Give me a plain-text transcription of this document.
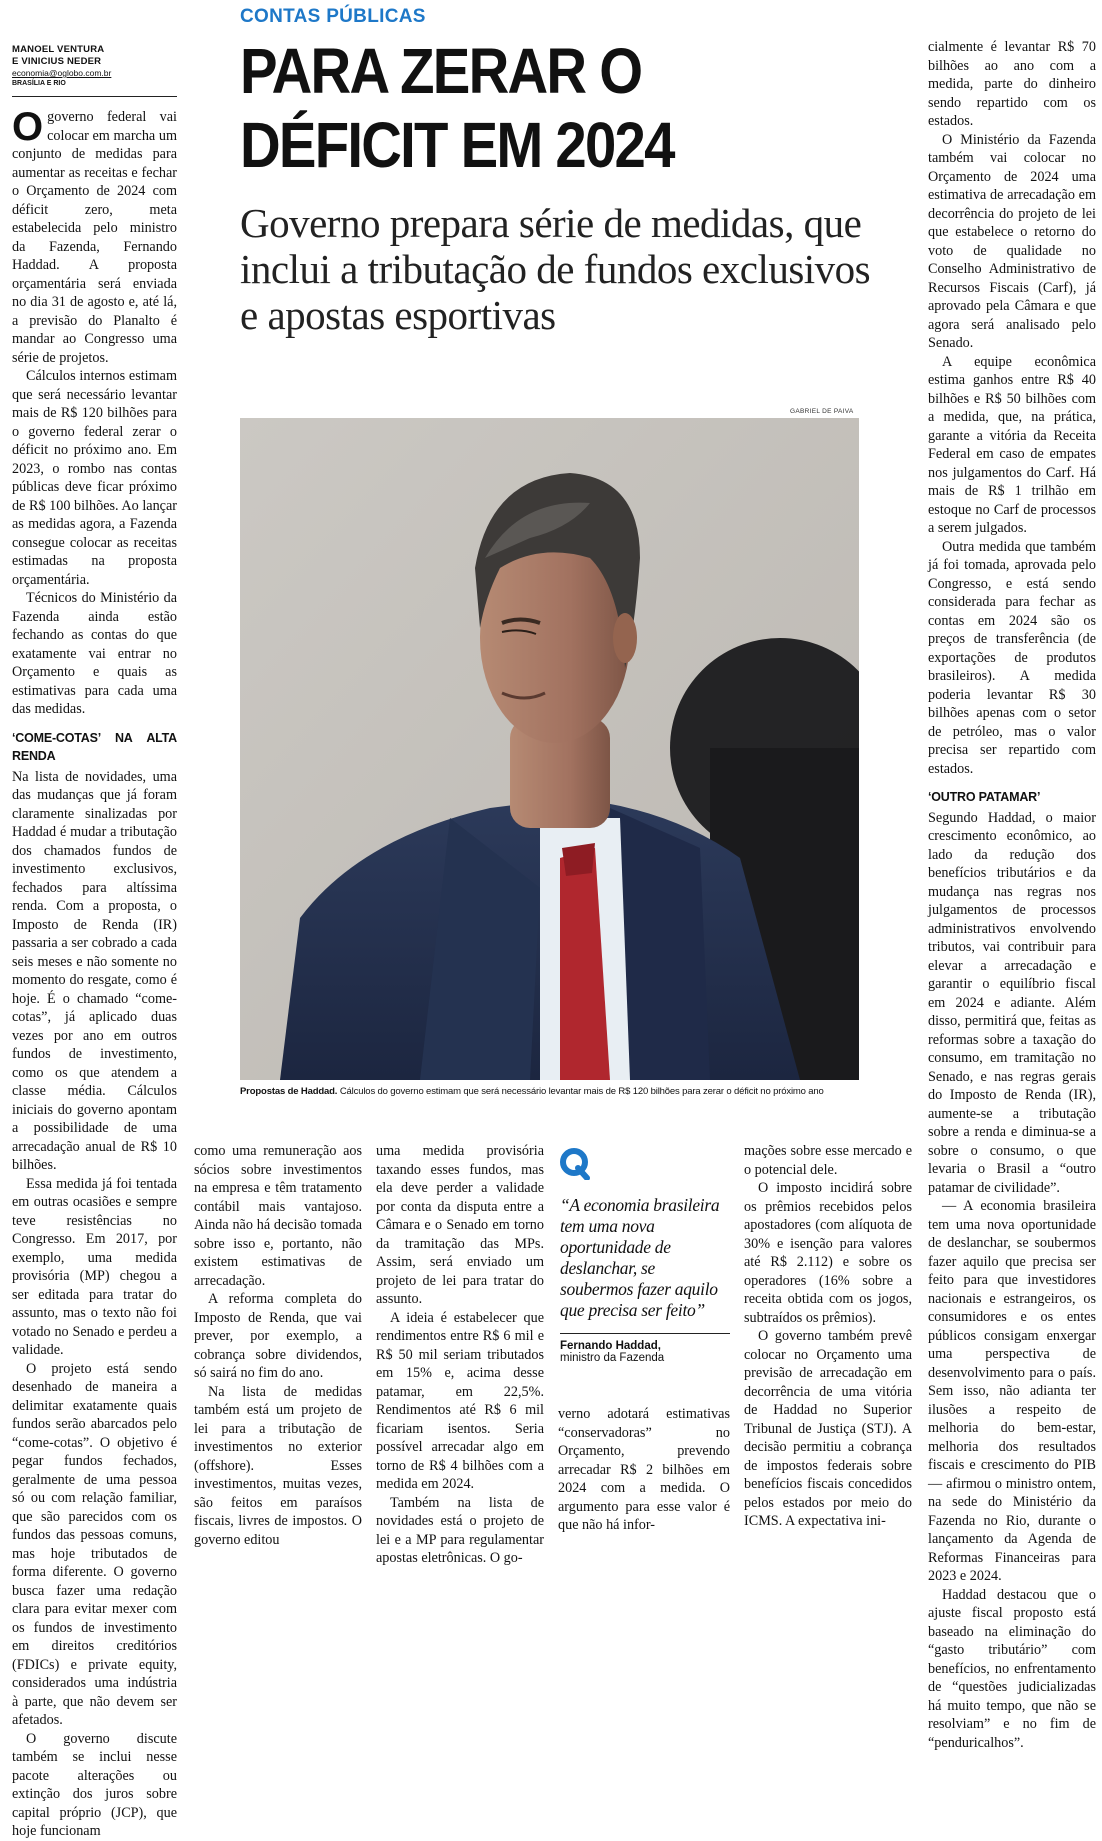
MANOEL VENTURA
E VINICIUS NEDER
economia@oglobo.com.br
BRASÍLIA E RIO
CONTAS PÚBLICAS
PARA ZERAR O
DÉFICIT EM 2024
Governo prepara série de medidas, que inclui a tributação de fundos exclusivos e apostas esportivas
GABRIEL DE PAIVA
Propostas de Haddad. Cálculos do governo estimam que será necessário levantar mais de R$ 120 bilhões para zerar o déficit no próximo ano

Ogoverno federal vai colocar em marcha um conjunto de medidas para aumentar as receitas e fechar o Orçamento de 2024 com déficit zero, meta estabelecida pelo ministro da Fazenda, Fernando Haddad. A proposta orçamentária será enviada no dia 31 de agosto e, até lá, a previsão do Planalto é mandar ao Congresso uma série de projetos.

Cálculos internos estimam que será necessário levantar mais de R$ 120 bilhões para o governo federal zerar o déficit no próximo ano. Em 2023, o rombo nas contas públicas deve ficar próximo de R$ 100 bilhões. Ao lançar as medidas agora, a Fazenda consegue colocar as receitas estimadas na proposta orçamentária.

Técnicos do Ministério da Fazenda ainda estão fechando as contas do que exatamente vai entrar no Orçamento e quais as estimativas para cada uma das medidas.

‘COME-COTAS’ NA ALTA RENDA

Na lista de novidades, uma das mudanças que já foram claramente sinalizadas por Haddad é mudar a tributação dos chamados fundos de investimento exclusivos, fechados para altíssima renda. Com a proposta, o Imposto de Renda (IR) passaria a ser cobrado a cada seis meses e não somente no momento do resgate, como é hoje. É o chamado “come-cotas”, já aplicado duas vezes por ano em outros fundos de investimento, como os que atendem a classe média. Cálculos iniciais do governo apontam a possibilidade de uma arrecadação anual de R$ 10 bilhões.

Essa medida já foi tentada em outras ocasiões e sempre teve resistências no Congresso. Em 2017, por exemplo, uma medida provisória (MP) chegou a ser editada para tratar do assunto, mas o texto não foi votado no Senado e perdeu a validade.

O projeto está sendo desenhado de maneira a delimitar exatamente quais fundos serão abarcados pelo “come-cotas”. O objetivo é pegar fundos fechados, geralmente de uma pessoa só ou com relação familiar, que são parecidos com os fundos das pessoas comuns, mas hoje tributados de forma diferente. O governo busca fazer uma redação clara para evitar mexer com os fundos de investimento em direitos creditórios (FDICs) e private equity, considerados uma indústria à parte, que não devem ser afetados.

O governo discute também se inclui nesse pacote alterações ou extinção dos juros sobre capital próprio (JCP), que hoje funcionam

como uma remuneração aos sócios sobre investimentos na empresa e têm tratamento contábil mais vantajoso. Ainda não há decisão tomada sobre isso e, portanto, não existem estimativas de arrecadação.

A reforma completa do Imposto de Renda, que vai prever, por exemplo, a cobrança sobre dividendos, só sairá no fim do ano.

Na lista de medidas também está um projeto de lei para a tributação de investimentos no exterior (offshore). Esses investimentos, muitas vezes, são feitos em paraísos fiscais, livres de impostos. O governo editou

uma medida provisória taxando esses fundos, mas ela deve perder a validade por conta da disputa entre a Câmara e o Senado em torno da tramitação das MPs. Assim, será enviado um projeto de lei para tratar do assunto.

A ideia é estabelecer que rendimentos entre R$ 6 mil e R$ 50 mil seriam tributados em 15% e, acima desse patamar, em 22,5%. Rendimentos até R$ 6 mil ficariam isentos. Seria possível arrecadar algo em torno de R$ 4 bilhões com a medida em 2024.

Também na lista de novidades está o projeto de lei e a MP para regulamentar apostas eletrônicas. O go-

“A economia brasileira tem uma nova oportunidade de deslanchar, se soubermos fazer aquilo que precisa ser feito”
Fernando Haddad,
ministro da Fazenda

verno adotará estimativas “conservadoras” no Orçamento, prevendo arrecadar R$ 2 bilhões em 2024 com a medida. O argumento para esse valor é que não há infor-

mações sobre esse mercado e o potencial dele.

O imposto incidirá sobre os prêmios recebidos pelos apostadores (com alíquota de 30% e isenção para valores até R$ 2.112) e sobre os operadores (16% sobre a receita obtida com os jogos, subtraídos os prêmios).

O governo também prevê colocar no Orçamento uma previsão de arrecadação em decorrência de uma vitória de Haddad no Superior Tribunal de Justiça (STJ). A decisão permitiu a cobrança de impostos federais sobre benefícios fiscais concedidos pelos estados por meio do ICMS. A expectativa ini-

cialmente é levantar R$ 70 bilhões ao ano com a medida, parte do dinheiro sendo repartido com os estados.

O Ministério da Fazenda também vai colocar no Orçamento de 2024 uma estimativa de arrecadação em decorrência do projeto de lei que estabelece o retorno do voto de qualidade no Conselho Administrativo de Recursos Fiscais (Carf), já aprovado pela Câmara e que agora será analisado pelo Senado.

A equipe econômica estima ganhos entre R$ 40 bilhões e R$ 50 bilhões com a medida, que, na prática, garante a vitória da Receita Federal em caso de empates nos julgamentos do Carf. Há mais de R$ 1 trilhão em estoque no Carf de processos a serem julgados.

Outra medida que também já foi tomada, aprovada pelo Congresso, e está sendo considerada para fechar as contas em 2024 são os preços de transferência (de exportações de produtos brasileiros). A medida poderia levantar R$ 30 bilhões apenas com o setor de petróleo, mas o valor precisa ser repartido com estados.

‘OUTRO PATAMAR’

Segundo Haddad, o maior crescimento econômico, ao lado da redução dos benefícios tributários e da mudança nas regras nos julgamentos de processos administrativos envolvendo tributos, vai contribuir para elevar a arrecadação e garantir o equilíbrio fiscal em 2024 e adiante. Além disso, permitirá que, feitas as reformas sobre a taxação do consumo, em tramitação no Senado, e nas regras gerais do Imposto de Renda (IR), aumente-se a tributação sobre a renda e diminua-se a sobre o consumo, o que levaria o Brasil a “outro patamar de civilidade”.

— A economia brasileira tem uma nova oportunidade de deslanchar, se soubermos fazer aquilo que precisa ser feito para que investidores nacionais e estrangeiros, os consumidores e os entes públicos consigam enxergar uma perspectiva de desenvolvimento para o país. Sem isso, não adianta ter ilusões a respeito de melhoria do bem-estar, melhoria dos resultados fiscais e crescimento do PIB — afirmou o ministro ontem, na sede do Ministério da Fazenda no Rio, durante o lançamento da Agenda de Reformas Financeiras para 2023 e 2024.

Haddad destacou que o ajuste fiscal proposto está baseado na eliminação do “gasto tributário” com benefícios, no enfrentamento de “questões judicializadas há muito tempo, que não se resolviam” e no fim de “penduricalhos”.
